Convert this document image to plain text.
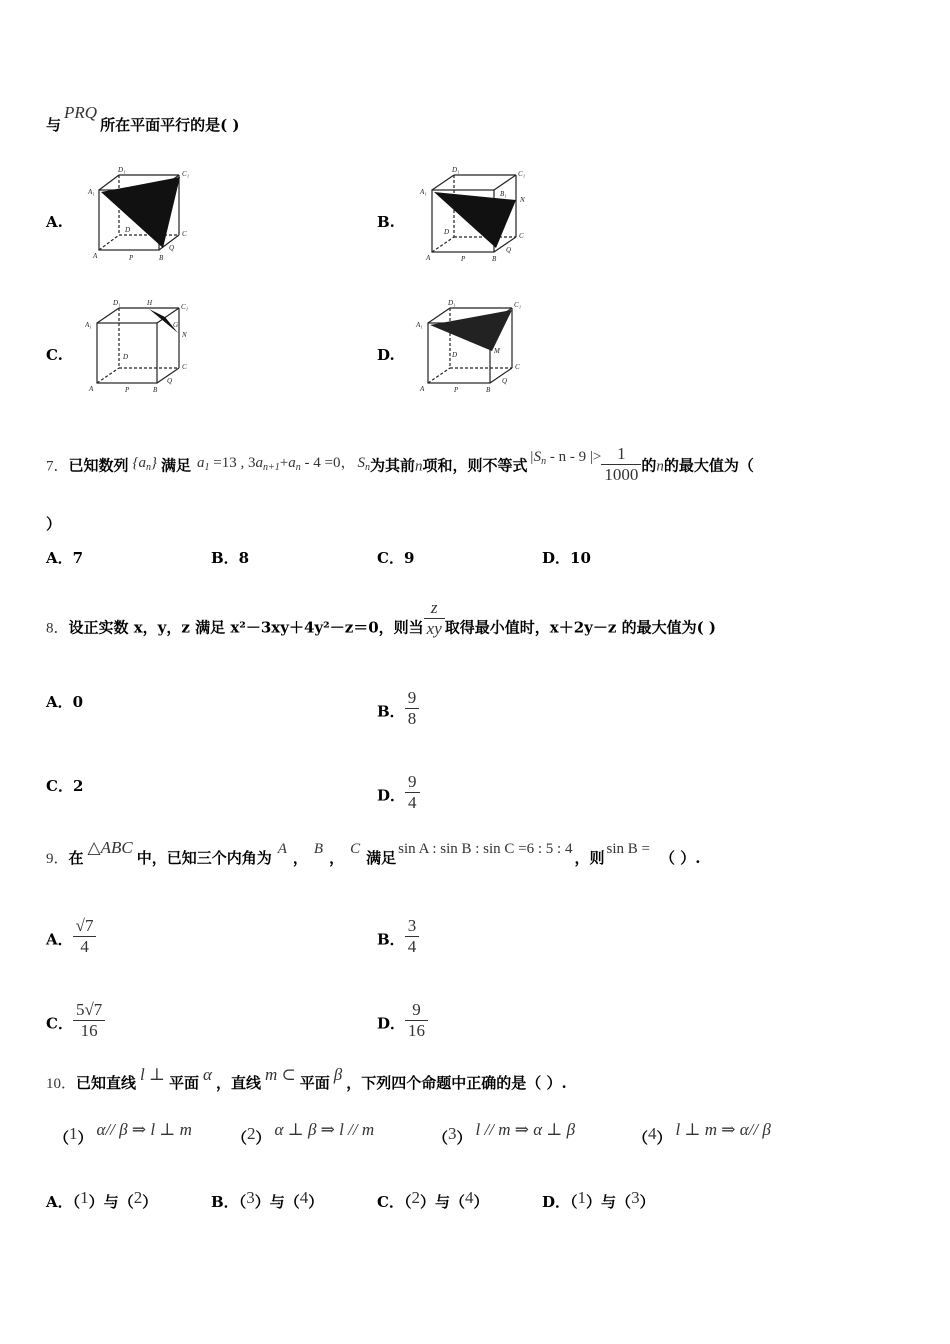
与PRQ所在平面平行的是( )
A.	B.
C.	D.
A₁
D₁	C₁
A	B
C
Q
P
D
A₁
D₁	C₁
B₁
N
A	B
C
Q
P
D
A₁
D₁	H	C₁
G
N
A	B
C
Q
P
D
A₁
D₁	C₁
M
A	B
C
Q
P
D
7．已知数列 $\{a_n\}$ 满足 $a_1 =13$ , $3a_{n+1}+a_n - 4 =0$， $S_n$为其前n项和，则不等式 $|S_n$ - n - 9 |> $\frac{1}{1000}$ 的n的最大值为（
）
A．7	B．8	C．9	D．10
8．设正实数 x，y，z 满足 x²－3xy＋4y²－z＝0，则当 $\frac{z}{xy}$ 取得最小值时，x＋2y－z 的最大值为( )
A．0
B． $\frac{9}{8}$
C．2
D． $\frac{9}{4}$
9．在△ABC中，已知三个内角为 A ， B ， C 满足 sin A : sin B : sin C =6 : 5 : 4 ，则 sin B = （ ）.
A． $\frac{√7}{4}$	B． $\frac{3}{4}$
C． $\frac{5√7}{16}$	D． $\frac{9}{16}$
10．已知直线 l ⊥ 平面 α ，直线 m ⊂ 平面 β ，下列四个命题中正确的是（ ）.
（1） α// β ⇒ l ⊥ m	（2） α ⊥ β ⇒ l // m	（3） l // m ⇒ α ⊥ β	（4） l ⊥ m ⇒ α// β
A．（1）与（2）	B．（3）与（4）	C．（2）与（4）	D．（1）与（3）
